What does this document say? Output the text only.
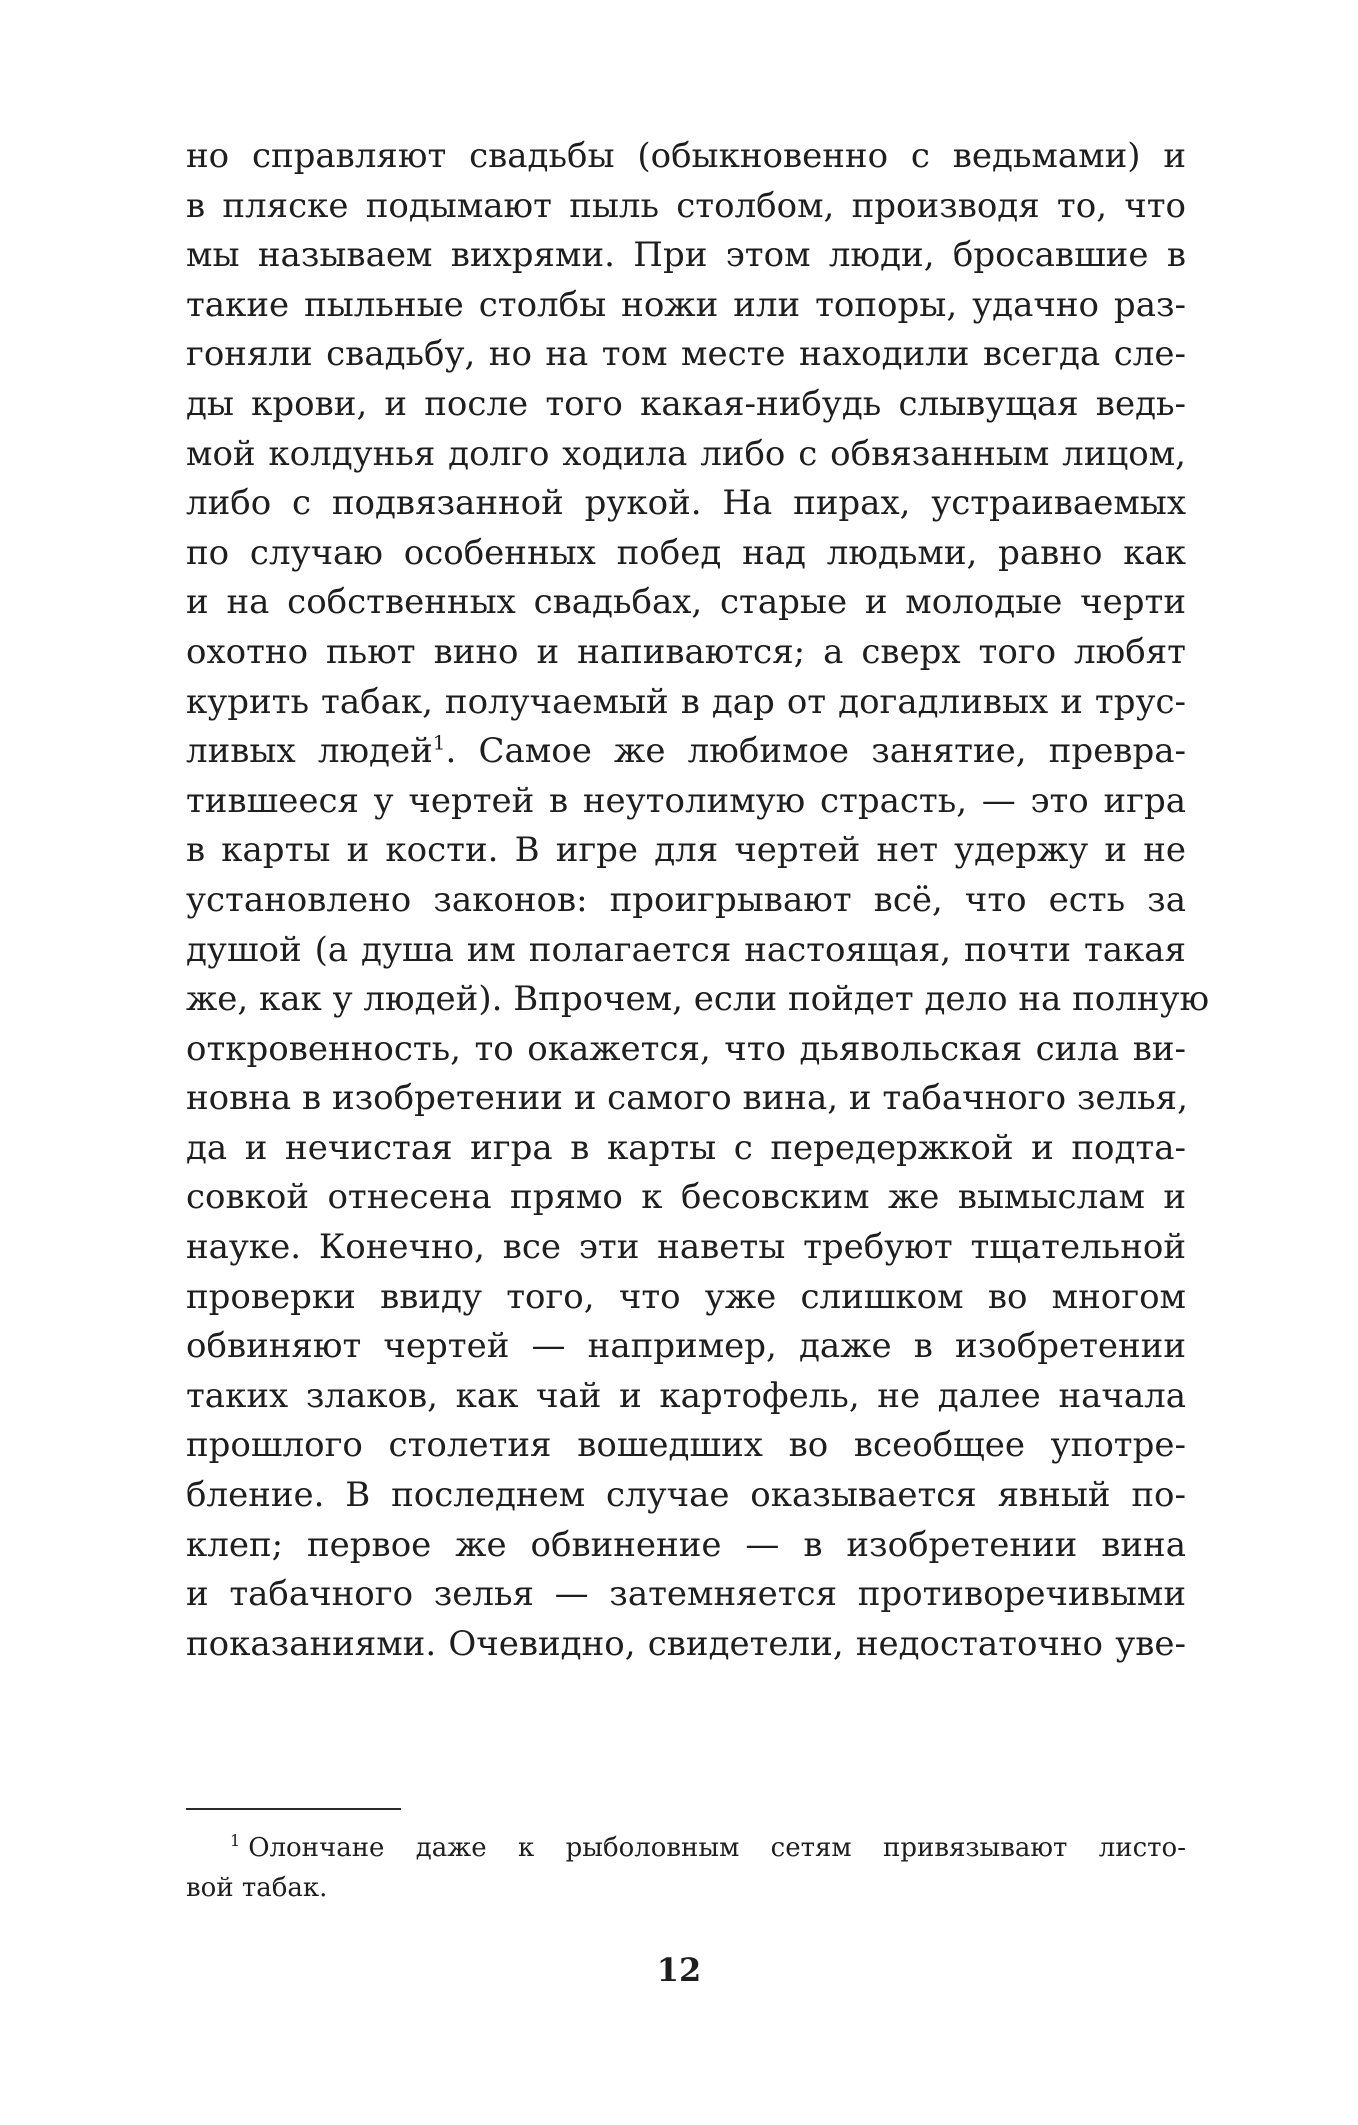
но справляют свадьбы (обыкновенно с ведьмами) и
в пляске подымают пыль столбом, производя то, что
мы называем вихрями. При этом люди, бросавшие в
такие пыльные столбы ножи или топоры, удачно раз-
гоняли свадьбу, но на том месте находили всегда сле-
ды крови, и после того какая-нибудь слывущая ведь-
мой колдунья долго ходила либо с обвязанным лицом,
либо с подвязанной рукой. На пирах, устраиваемых
по случаю особенных побед над людьми, равно как
и на собственных свадьбах, старые и молодые черти
охотно пьют вино и напиваются; а сверх того любят
курить табак, получаемый в дар от догадливых и трус-
ливых людей$^1$. Самое же любимое занятие, превра-
тившееся у чертей в неутолимую страсть, — это игра
в карты и кости. В игре для чертей нет удержу и не
установлено законов: проигрывают всё, что есть за
душой (а душа им полагается настоящая, почти такая
же, как у людей). Впрочем, если пойдет дело на полную
откровенность, то окажется, что дьявольская сила ви-
новна в изобретении и самого вина, и табачного зелья,
да и нечистая игра в карты с передержкой и подта-
совкой отнесена прямо к бесовским же вымыслам и
науке. Конечно, все эти наветы требуют тщательной
проверки ввиду того, что уже слишком во многом
обвиняют чертей — например, даже в изобретении
таких злаков, как чай и картофель, не далее начала
прошлого столетия вошедших во всеобщее употре-
бление. В последнем случае оказывается явный по-
клеп; первое же обвинение — в изобретении вина
и табачного зелья — затемняется противоречивыми
показаниями. Очевидно, свидетели, недостаточно уве-
$^1$ Олончане даже к рыболовным сетям привязывают листо-
вой табак.
12
